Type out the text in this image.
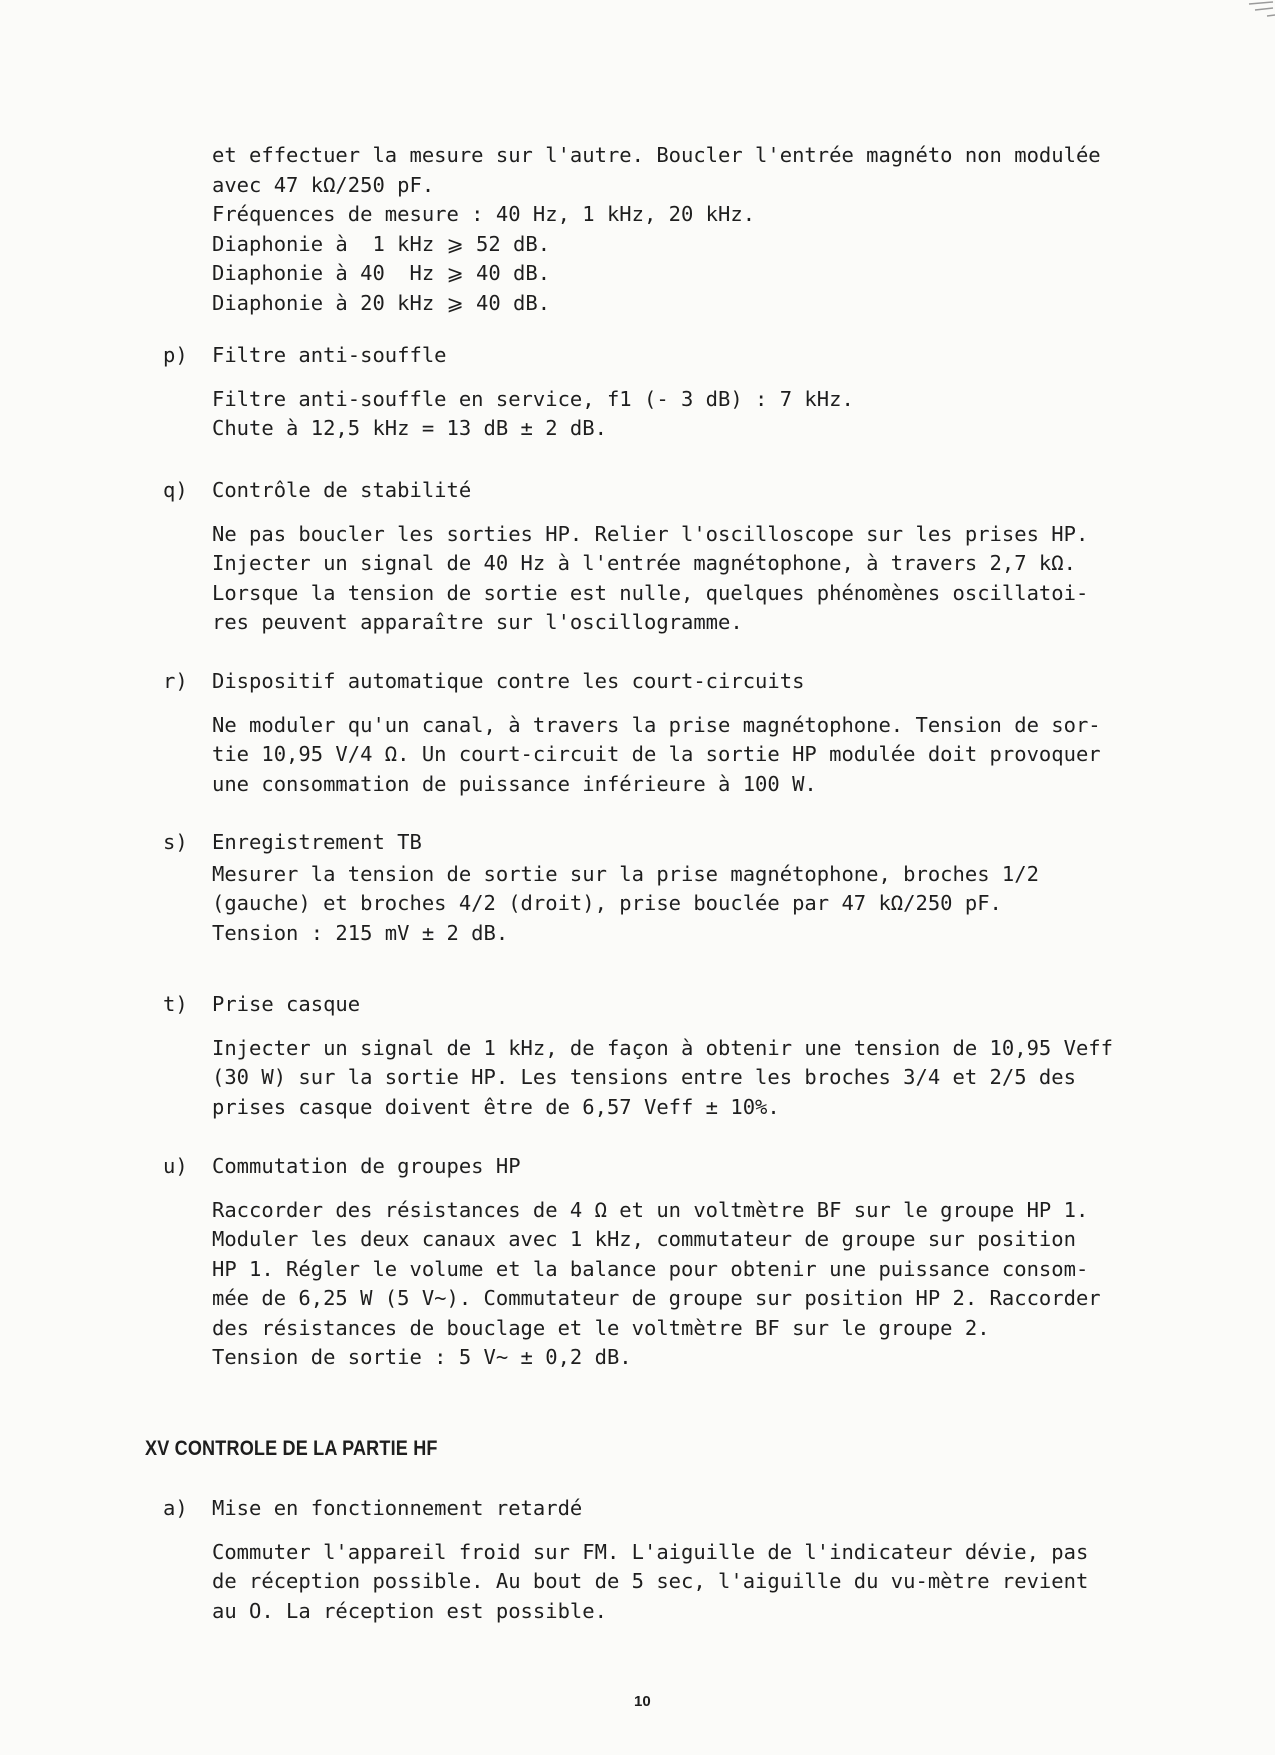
et effectuer la mesure sur l'autre. Boucler l'entrée magnéto non modulée

avec 47 kΩ/250 pF.

Fréquences de mesure : 40 Hz, 1 kHz, 20 kHz.

Diaphonie à  1 kHz ⩾ 52 dB.

Diaphonie à 40  Hz ⩾ 40 dB.

Diaphonie à 20 kHz ⩾ 40 dB.

p)	Filtre anti-souffle

Filtre anti-souffle en service, f1 (- 3 dB) : 7 kHz.

Chute à 12,5 kHz = 13 dB ± 2 dB.

q)	Contrôle de stabilité

Ne pas boucler les sorties HP. Relier l'oscilloscope sur les prises HP.

Injecter un signal de 40 Hz à l'entrée magnétophone, à travers 2,7 kΩ.

Lorsque la tension de sortie est nulle, quelques phénomènes oscillatoi-

res peuvent apparaître sur l'oscillogramme.

r)	Dispositif automatique contre les court-circuits

Ne moduler qu'un canal, à travers la prise magnétophone. Tension de sor-

tie 10,95 V/4 Ω. Un court-circuit de la sortie HP modulée doit provoquer

une consommation de puissance inférieure à 100 W.

s)	Enregistrement TB

Mesurer la tension de sortie sur la prise magnétophone, broches 1/2

(gauche) et broches 4/2 (droit), prise bouclée par 47 kΩ/250 pF.

Tension : 215 mV ± 2 dB.

t)	Prise casque

Injecter un signal de 1 kHz, de façon à obtenir une tension de 10,95 Veff

(30 W) sur la sortie HP. Les tensions entre les broches 3/4 et 2/5 des

prises casque doivent être de 6,57 Veff ± 10%.

u)	Commutation de groupes HP

Raccorder des résistances de 4 Ω et un voltmètre BF sur le groupe HP 1.

Moduler les deux canaux avec 1 kHz, commutateur de groupe sur position

HP 1. Régler le volume et la balance pour obtenir une puissance consom-

mée de 6,25 W (5 V~). Commutateur de groupe sur position HP 2. Raccorder

des résistances de bouclage et le voltmètre BF sur le groupe 2.

Tension de sortie : 5 V~ ± 0,2 dB.

XV CONTROLE DE LA PARTIE HF
a)	Mise en fonctionnement retardé

Commuter l'appareil froid sur FM. L'aiguille de l'indicateur dévie, pas

de réception possible. Au bout de 5 sec, l'aiguille du vu-mètre revient

au O. La réception est possible.

10
